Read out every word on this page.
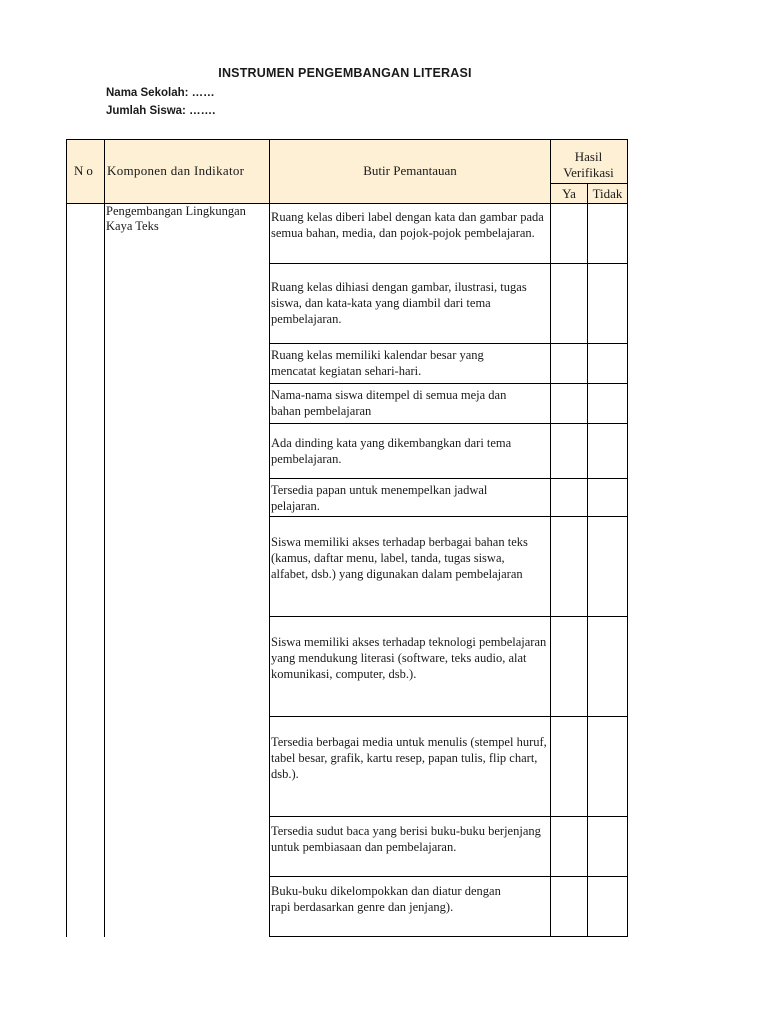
INSTRUMEN PENGEMBANGAN LITERASI
Nama Sekolah: ……
Jumlah Siswa: …….
No Komponen dan Indikator	Butir Pemantauan
Hasil Verifikasi
Ya	Tidak
Pengembangan Lingkungan Kaya Teks
Ruang kelas diberi label dengan kata dan gambar pada semua bahan, media, dan pojok-pojok pembelajaran.
Ruang kelas dihiasi dengan gambar, ilustrasi, tugas siswa, dan kata-kata yang diambil dari tema pembelajaran.
Ruang kelas memiliki kalendar besar yang mencatat kegiatan sehari-hari.
Nama-nama siswa ditempel di semua meja dan bahan pembelajaran
Ada dinding kata yang dikembangkan dari tema pembelajaran.
Tersedia papan untuk menempelkan jadwal pelajaran.
Siswa memiliki akses terhadap berbagai bahan teks (kamus, daftar menu, label, tanda, tugas siswa, alfabet, dsb.) yang digunakan dalam pembelajaran
Siswa memiliki akses terhadap teknologi pembelajaran yang mendukung literasi (software, teks audio, alat komunikasi, computer, dsb.).
Tersedia berbagai media untuk menulis (stempel huruf, tabel besar, grafik, kartu resep, papan tulis, flip chart, dsb.).
Tersedia sudut baca yang berisi buku-buku berjenjang untuk pembiasaan dan pembelajaran.
Buku-buku dikelompokkan dan diatur dengan rapi berdasarkan genre dan jenjang).
